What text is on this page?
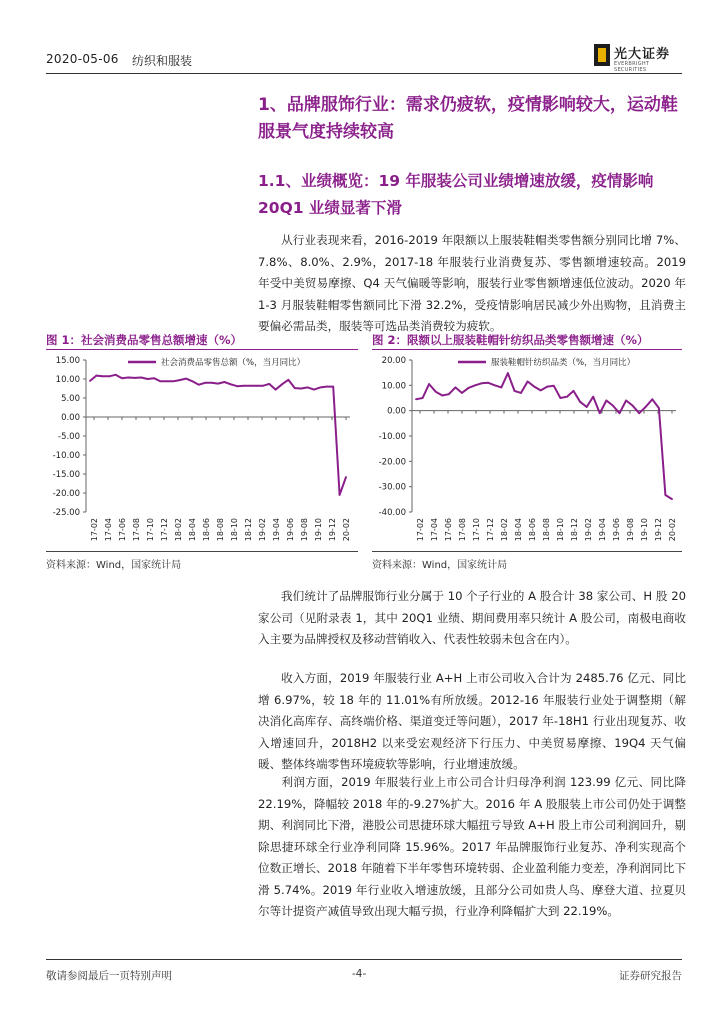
2020-05-06 纺织和服装	光大证券
EVERBRIGHT SECURITIES
1、品牌服饰行业：需求仍疲软，疫情影响较大，运动鞋服景气度持续较高
1.1、业绩概览：19 年服装公司业绩增速放缓，疫情影响 20Q1 业绩显著下滑
从行业表现来看，2016-2019 年限额以上服装鞋帽类零售额分别同比增 7%、7.8%、8.0%、2.9%，2017-18 年服装行业消费复苏、零售额增速较高。2019 年受中美贸易摩擦、Q4 天气偏暖等影响，服装行业零售额增速低位波动。2020 年 1-3 月服装鞋帽零售额同比下滑 32.2%，受疫情影响居民减少外出购物，且消费主要偏必需品类，服装等可选品类消费较为疲软。
图 1：社会消费品零售总额增速（%）
15.00
10.00
5.00
0.00
-5.00
-10.00
-15.00
-20.00
-25.00
17-02 17-04 17-06 17-08 17-10 17-12 18-02 18-04 18-06 18-08 18-10 18-12 19-02 19-04 19-06 19-08 19-10 19-12 20-02
社会消费品零售总额（%，当月同比）
资料来源：Wind，国家统计局
图 2：限额以上服装鞋帽针纺织品类零售额增速（%）
20.00
10.00
0.00
-10.00
-20.00
-30.00
-40.00
17-02 17-04 17-06 17-08 17-10 17-12 18-02 18-04 18-06 18-08 18-10 18-12 19-02 19-04 19-06 19-08 19-10 19-12 20-02
服装鞋帽针纺织品类（%，当月同比）
资料来源：Wind，国家统计局
我们统计了品牌服饰行业分属于 10 个子行业的 A 股合计 38 家公司、H 股 20 家公司（见附录表 1，其中 20Q1 业绩、期间费用率只统计 A 股公司，南极电商收入主要为品牌授权及移动营销收入、代表性较弱未包含在内）。
收入方面，2019 年服装行业 A+H 上市公司收入合计为 2485.76 亿元、同比增 6.97%，较 18 年的 11.01%有所放缓。2012-16 年服装行业处于调整期（解决消化高库存、高终端价格、渠道变迁等问题），2017 年-18H1 行业出现复苏、收入增速回升，2018H2 以来受宏观经济下行压力、中美贸易摩擦、19Q4 天气偏暖、整体终端零售环境疲软等影响，行业增速放缓。
利润方面，2019 年服装行业上市公司合计归母净利润 123.99 亿元、同比降 22.19%，降幅较 2018 年的-9.27%扩大。2016 年 A 股服装上市公司仍处于调整期、利润同比下滑，港股公司思捷环球大幅扭亏导致 A+H 股上市公司利润回升，剔除思捷环球全行业净利同降 15.96%。2017 年品牌服饰行业复苏、净利实现高个位数正增长、2018 年随着下半年零售环境转弱、企业盈利能力变差，净利润同比下滑 5.74%。2019 年行业收入增速放缓，且部分公司如贵人鸟、摩登大道、拉夏贝尔等计提资产减值导致出现大幅亏损，行业净利降幅扩大到 22.19%。
敬请参阅最后一页特别声明	-4-	证券研究报告
